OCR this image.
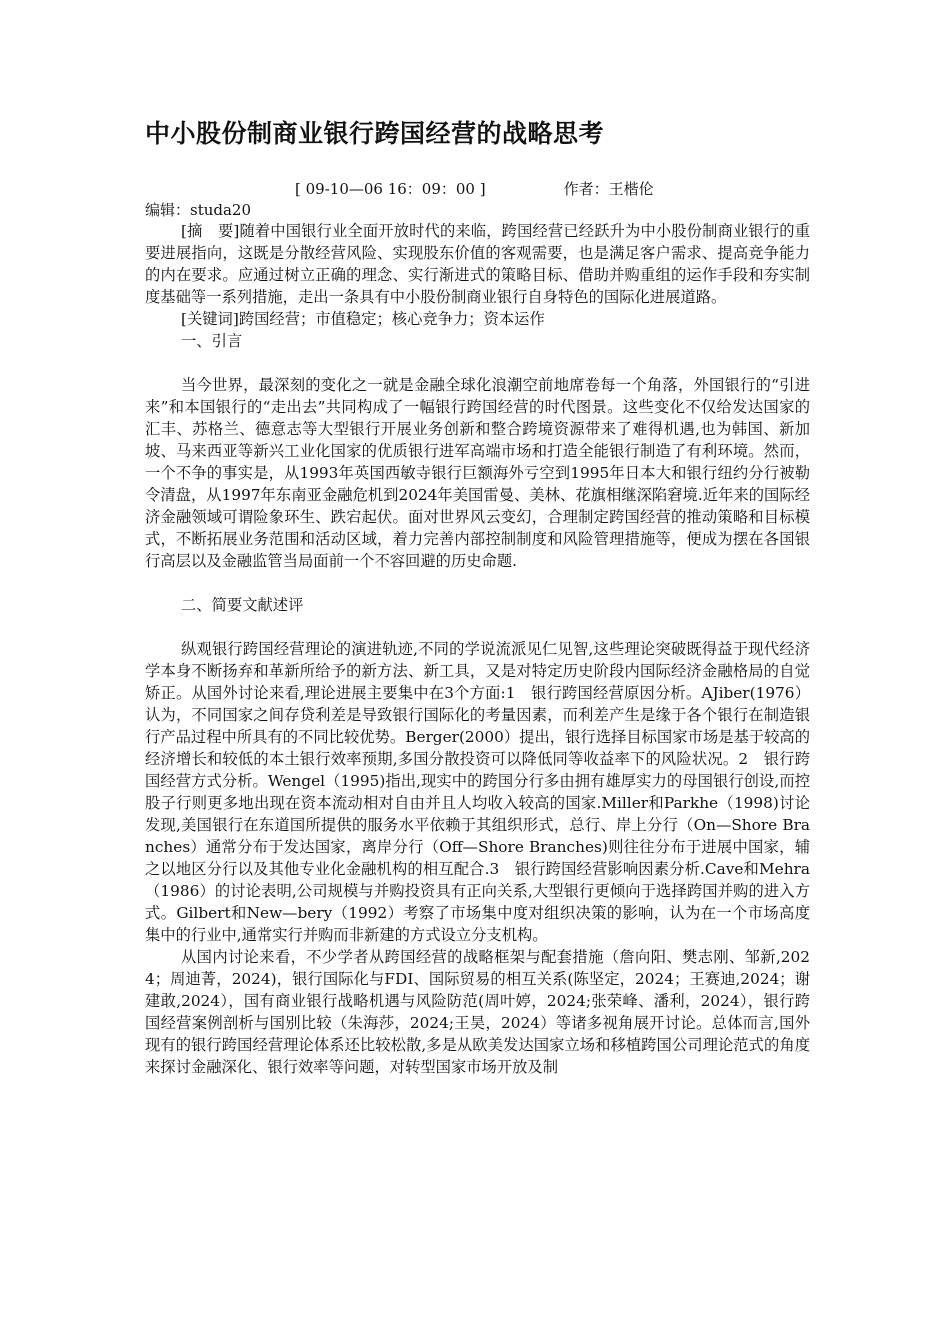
中小股份制商业银行跨国经营的战略思考
[ 09-10—06 16：09：00 ]	作者：王楷伦
编辑：studa20

[摘　要]随着中国银行业全面开放时代的来临，跨国经营已经跃升为中小股份制商业银行的重要进展指向，这既是分散经营风险、实现股东价值的客观需要，也是满足客户需求、提高竞争能力的内在要求。应通过树立正确的理念、实行渐进式的策略目标、借助并购重组的运作手段和夯实制度基础等一系列措施，走出一条具有中小股份制商业银行自身特色的国际化进展道路。

[关键词]跨国经营；市值稳定；核心竞争力；资本运作

一、引言

当今世界，最深刻的变化之一就是金融全球化浪潮空前地席卷每一个角落，外国银行的“引进来”和本国银行的“走出去”共同构成了一幅银行跨国经营的时代图景。这些变化不仅给发达国家的汇丰、苏格兰、德意志等大型银行开展业务创新和整合跨境资源带来了难得机遇,也为韩国、新加坡、马来西亚等新兴工业化国家的优质银行进军高端市场和打造全能银行制造了有利环境。然而，一个不争的事实是，从1993年英国西敏寺银行巨额海外亏空到1995年日本大和银行纽约分行被勒令清盘，从1997年东南亚金融危机到2024年美国雷曼、美林、花旗相继深陷窘境.近年来的国际经济金融领域可谓险象环生、跌宕起伏。面对世界风云变幻，合理制定跨国经营的推动策略和目标模式，不断拓展业务范围和活动区域，着力完善内部控制制度和风险管理措施等，便成为摆在各国银行高层以及金融监管当局面前一个不容回避的历史命题.

二、简要文献述评

纵观银行跨国经营理论的演进轨迹,不同的学说流派见仁见智,这些理论突破既得益于现代经济学本身不断扬弃和革新所给予的新方法、新工具，又是对特定历史阶段内国际经济金融格局的自觉矫正。从国外讨论来看,理论进展主要集中在3个方面:1　银行跨国经营原因分析。AJiber(1976）认为，不同国家之间存贷利差是导致银行国际化的考量因素，而利差产生是缘于各个银行在制造银行产品过程中所具有的不同比较优势。Berger(2000）提出，银行选择目标国家市场是基于较高的经济增长和较低的本土银行效率预期,多国分散投资可以降低同等收益率下的风险状况。2　银行跨国经营方式分析。Wengel（1995)指出,现实中的跨国分行多由拥有雄厚实力的母国银行创设,而控股子行则更多地出现在资本流动相对自由并且人均收入较高的国家.Miller和Parkhe（1998)讨论发现,美国银行在东道国所提供的服务水平依赖于其组织形式，总行、岸上分行（On—Shore Branches）通常分布于发达国家，离岸分行（Off—Shore Branches)则往往分布于进展中国家，辅之以地区分行以及其他专业化金融机构的相互配合.3　银行跨国经营影响因素分析.Cave和Mehra（1986）的讨论表明,公司规模与并购投资具有正向关系,大型银行更倾向于选择跨国并购的进入方式。Gilbert和New—bery（1992）考察了市场集中度对组织决策的影响，认为在一个市场高度集中的行业中,通常实行并购而非新建的方式设立分支机构。

从国内讨论来看，不少学者从跨国经营的战略框架与配套措施（詹向阳、樊志刚、邹新,2024；周迪菁，2024)，银行国际化与FDI、国际贸易的相互关系(陈坚定，2024；王赛迪,2024；谢建敢,2024），国有商业银行战略机遇与风险防范(周叶婷，2024;张荣峰、潘利，2024），银行跨国经营案例剖析与国别比较（朱海莎，2024;王昊，2024）等诸多视角展开讨论。总体而言,国外现有的银行跨国经营理论体系还比较松散,多是从欧美发达国家立场和移植跨国公司理论范式的角度来探讨金融深化、银行效率等问题，对转型国家市场开放及制
